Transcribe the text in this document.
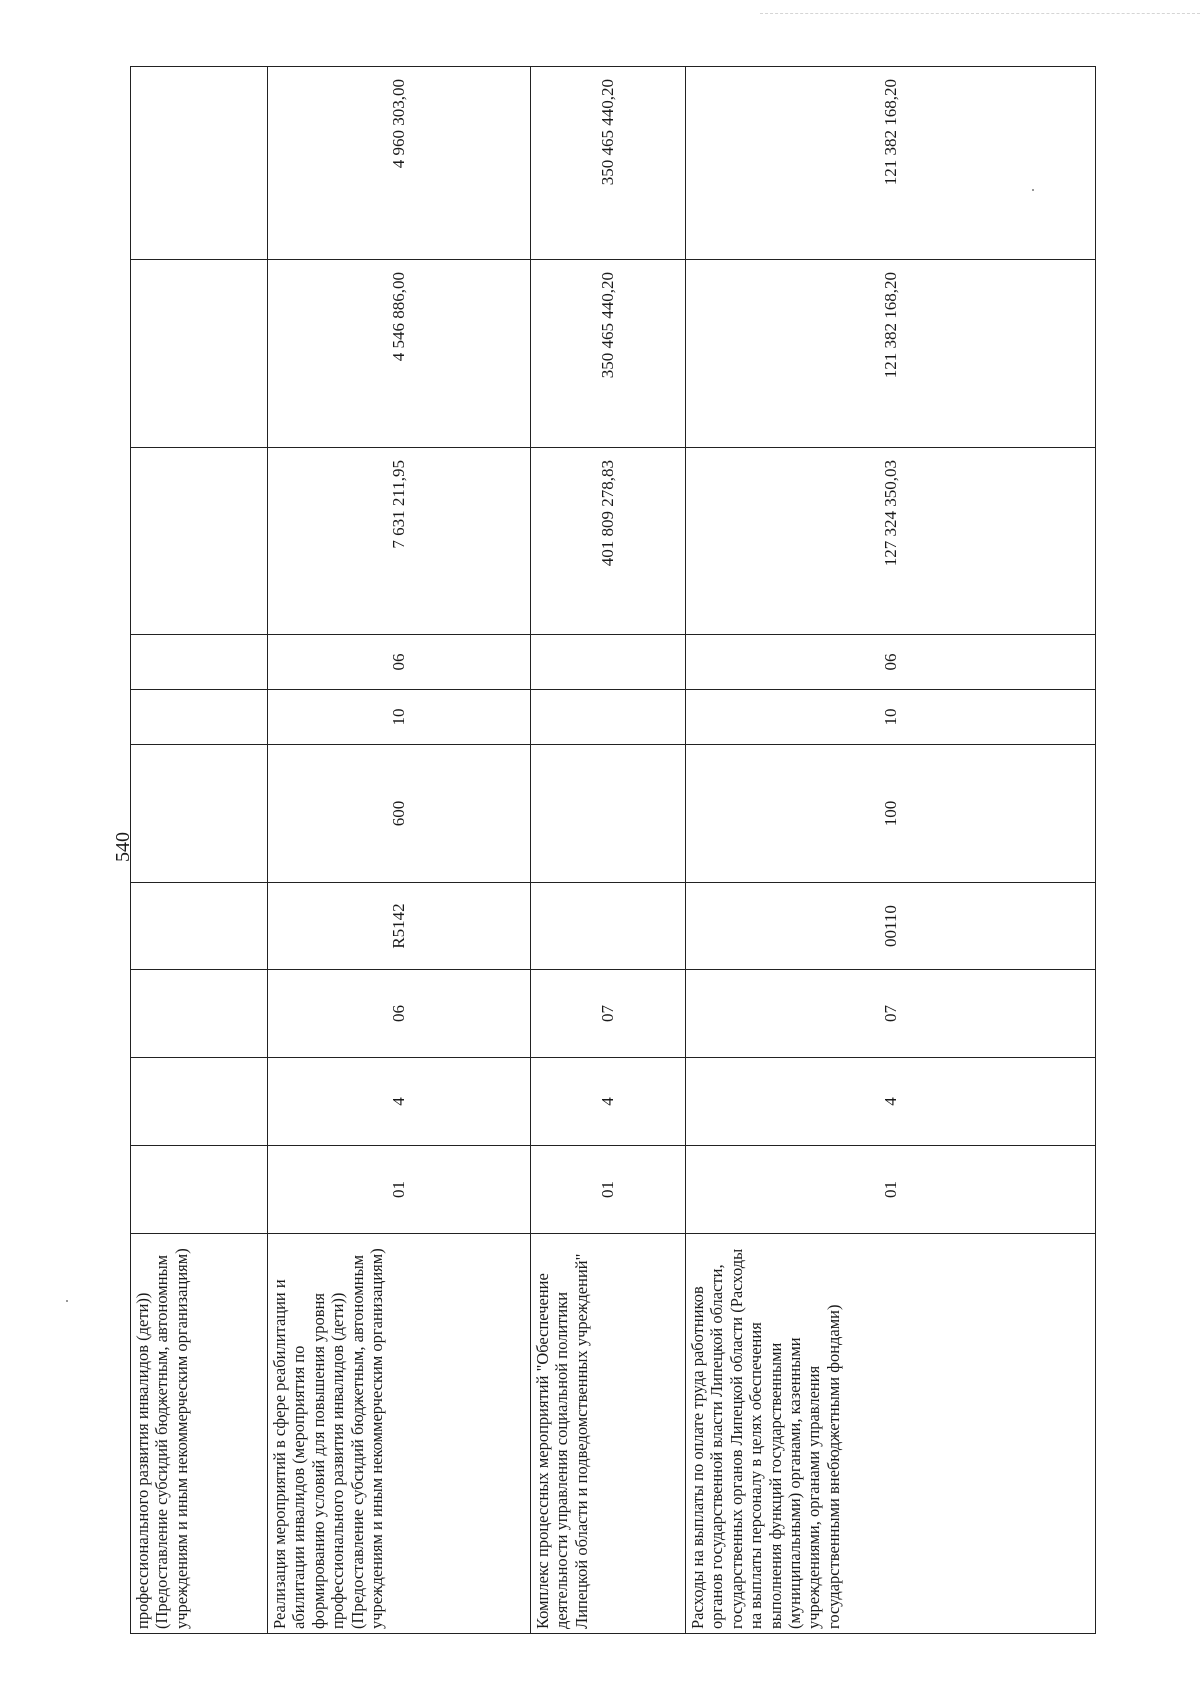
540
профессионального развития инвалидов (дети)) (Предоставление субсидий бюджетным, автономным учреждениям и иным некоммерческим организациям)										
Реализация мероприятий в сфере реабилитации и абилитации инвалидов (мероприятия по формированию условий для повышения уровня профессионального развития инвалидов (дети)) (Предоставление субсидий бюджетным, автономным учреждениям и иным некоммерческим организациям)	01	4	06	R5142	600	10	06	7 631 211,95	4 546 886,00	4 960 303,00
Комплекс процессных мероприятий "Обеспечение деятельности управления социальной политики Липецкой области и подведомственных учреждений"	01	4	07					401 809 278,83	350 465 440,20	350 465 440,20
Расходы на выплаты по оплате труда работников органов государственной власти Липецкой области, государственных органов Липецкой области (Расходы на выплаты персоналу в целях обеспечения выполнения функций государственными (муниципальными) органами, казенными учреждениями, органами управления государственными внебюджетными фондами)	01	4	07	00110	100	10	06	127 324 350,03	121 382 168,20	121 382 168,20
